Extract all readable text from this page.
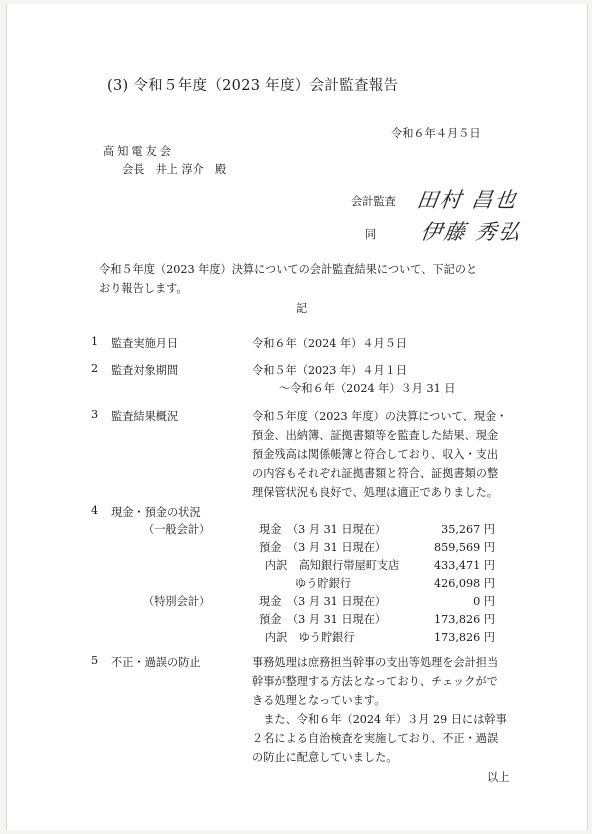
(3) 令和５年度（2023 年度）会計監査報告
令和６年４月５日
高知電友会
会長　井上 淳介　殿
会計監査 田村 昌也
同 伊藤 秀弘
令和５年度（2023 年度）決算についての会計監査結果について、下記のと
おり報告します。
記
1 監査実施月日	令和６年（2024 年）４月５日
2 監査対象期間	令和５年（2023 年）４月１日
〜令和６年（2024 年）３月 31 日
3 監査結果概況	令和５年度（2023 年度）の決算について、現金・
預金、出納簿、証拠書類等を監査した結果、現金
預金残高は関係帳簿と符合しており、収入・支出
の内容もそれぞれ証拠書類と符合、証拠書類の整
理保管状況も良好で、処理は適正でありました。
4 現金・預金の状況
（一般会計）	現金　（3 月 31 日現在）	35,267 円
預金　（3 月 31 日現在）	859,569 円
内訳　高知銀行帯屋町支店	433,471 円
ゆう貯銀行	426,098 円
（特別会計）	現金　（3 月 31 日現在）	0 円
預金　（3 月 31 日現在）	173,826 円
内訳　ゆう貯銀行	173,826 円
5 不正・過誤の防止	事務処理は庶務担当幹事の支出等処理を会計担当
幹事が整理する方法となっており、チェックがで
きる処理となっています。
　また、令和６年（2024 年）３月 29 日には幹事
２名による自治検査を実施しており、不正・過誤
の防止に配意していました。
以上
